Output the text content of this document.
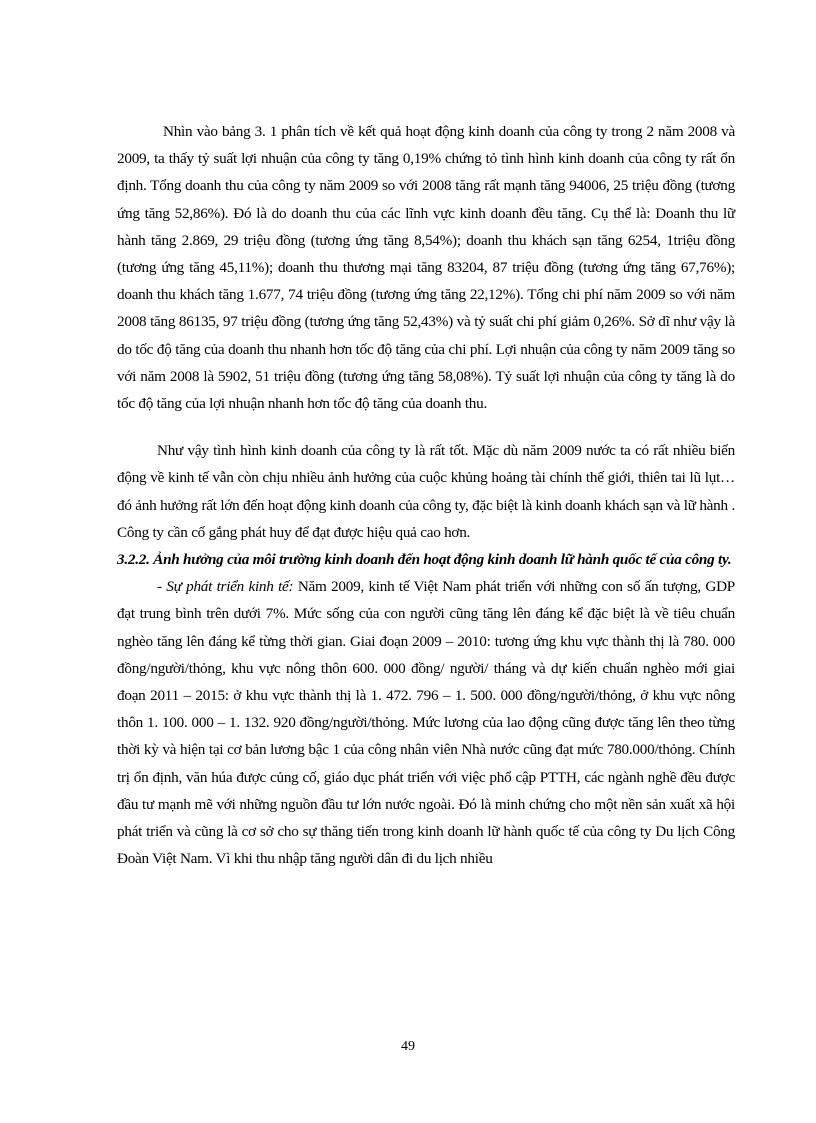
Nhìn vào bảng 3. 1 phân tích về kết quả hoạt động kinh doanh của công ty trong 2 năm 2008 và 2009, ta thấy tỷ suất lợi nhuận của công ty tăng 0,19% chứng tỏ tình hình kinh doanh của công ty rất ổn định. Tổng doanh thu của công ty năm 2009 so với 2008 tăng rất mạnh tăng 94006, 25 triệu đồng (tương ứng tăng 52,86%). Đó là do doanh thu của các lĩnh vực kinh doanh đều tăng. Cụ thể là: Doanh thu lữ hành tăng 2.869, 29 triệu đồng (tương ứng tăng 8,54%); doanh thu khách sạn tăng 6254, 1triệu đồng (tương ứng tăng 45,11%); doanh thu thương mại tăng 83204, 87 triệu đồng (tương ứng tăng 67,76%); doanh thu khách tăng 1.677, 74 triệu đồng (tương ứng tăng 22,12%). Tổng chi phí năm 2009 so với năm 2008 tăng 86135, 97 triệu đồng (tương ứng tăng 52,43%) và tỷ suất chi phí giảm 0,26%. Sở dĩ như vậy là do tốc độ tăng của doanh thu nhanh hơn tốc độ tăng của chi phí. Lợi nhuận của công ty năm 2009 tăng so với năm 2008 là 5902, 51 triệu đồng (tương ứng tăng 58,08%). Tỷ suất lợi nhuận của công ty tăng là do tốc độ tăng của lợi nhuận nhanh hơn tốc độ tăng của doanh thu.

Như vậy tình hình kinh doanh của công ty là rất tốt. Mặc dù năm 2009 nước ta có rất nhiều biến động về kinh tế vẫn còn chịu nhiều ảnh hưởng của cuộc khủng hoảng tài chính thế giới, thiên tai lũ lụt…đó ảnh hưởng rất lớn đến hoạt động kinh doanh của công ty, đặc biệt là kinh doanh khách sạn và lữ hành . Công ty cần cố gắng phát huy để đạt được hiệu quả cao hơn.

3.2.2. Ảnh hưởng của môi trường kinh doanh đến hoạt động kinh doanh lữ hành quốc tế của công ty.

- Sự phát triển kinh tế: Năm 2009, kinh tế Việt Nam phát triển với những con số ấn tượng, GDP đạt trung bình trên dưới 7%. Mức sống của con người cũng tăng lên đáng kể đặc biệt là về tiêu chuẩn nghèo tăng lên đáng kể từng thời gian. Giai đoạn 2009 – 2010: tương ứng khu vực thành thị là 780. 000 đồng/người/thỏng, khu vực nông thôn 600. 000 đồng/ người/ tháng và dự kiến chuẩn nghèo mới giai đoạn 2011 – 2015: ở khu vực thành thị là 1. 472. 796 – 1. 500. 000 đồng/người/thỏng, ở khu vực nông thôn 1. 100. 000 – 1. 132. 920 đồng/người/thỏng. Mức lương của lao động cũng được tăng lên theo từng thời kỳ và hiện tại cơ bản lương bậc 1 của công nhân viên Nhà nước cũng đạt mức 780.000/thỏng. Chính trị ổn định, văn húa được củng cố, giáo dục phát triển với việc phổ cập PTTH, các ngành nghề đều được đầu tư mạnh mẽ với những nguồn đầu tư lớn nước ngoài. Đó là minh chứng cho một nền sản xuất xã hội phát triển và cũng là cơ sở cho sự thăng tiến trong kinh doanh lữ hành quốc tế của công ty Du lịch Công Đoàn Việt Nam. Vì khi thu nhập tăng người dân đi du lịch nhiều

49
